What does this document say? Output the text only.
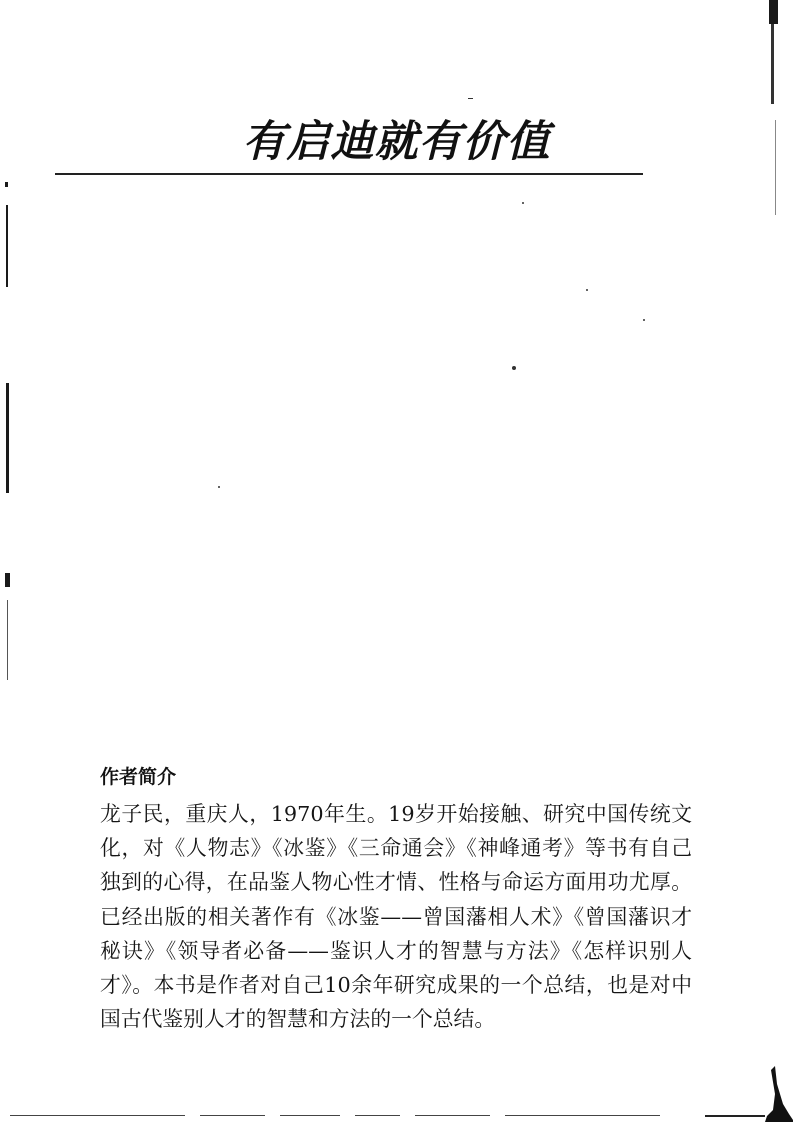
有启迪就有价值
作者简介

龙子民，重庆人，1970年生。19岁开始接触、研究中国传统文化，对《人物志》《冰鉴》《三命通会》《神峰通考》等书有自己独到的心得，在品鉴人物心性才情、性格与命运方面用功尤厚。已经出版的相关著作有《冰鉴——曾国藩相人术》《曾国藩识才秘诀》《领导者必备——鉴识人才的智慧与方法》《怎样识别人才》。本书是作者对自己10余年研究成果的一个总结，也是对中国古代鉴别人才的智慧和方法的一个总结。
